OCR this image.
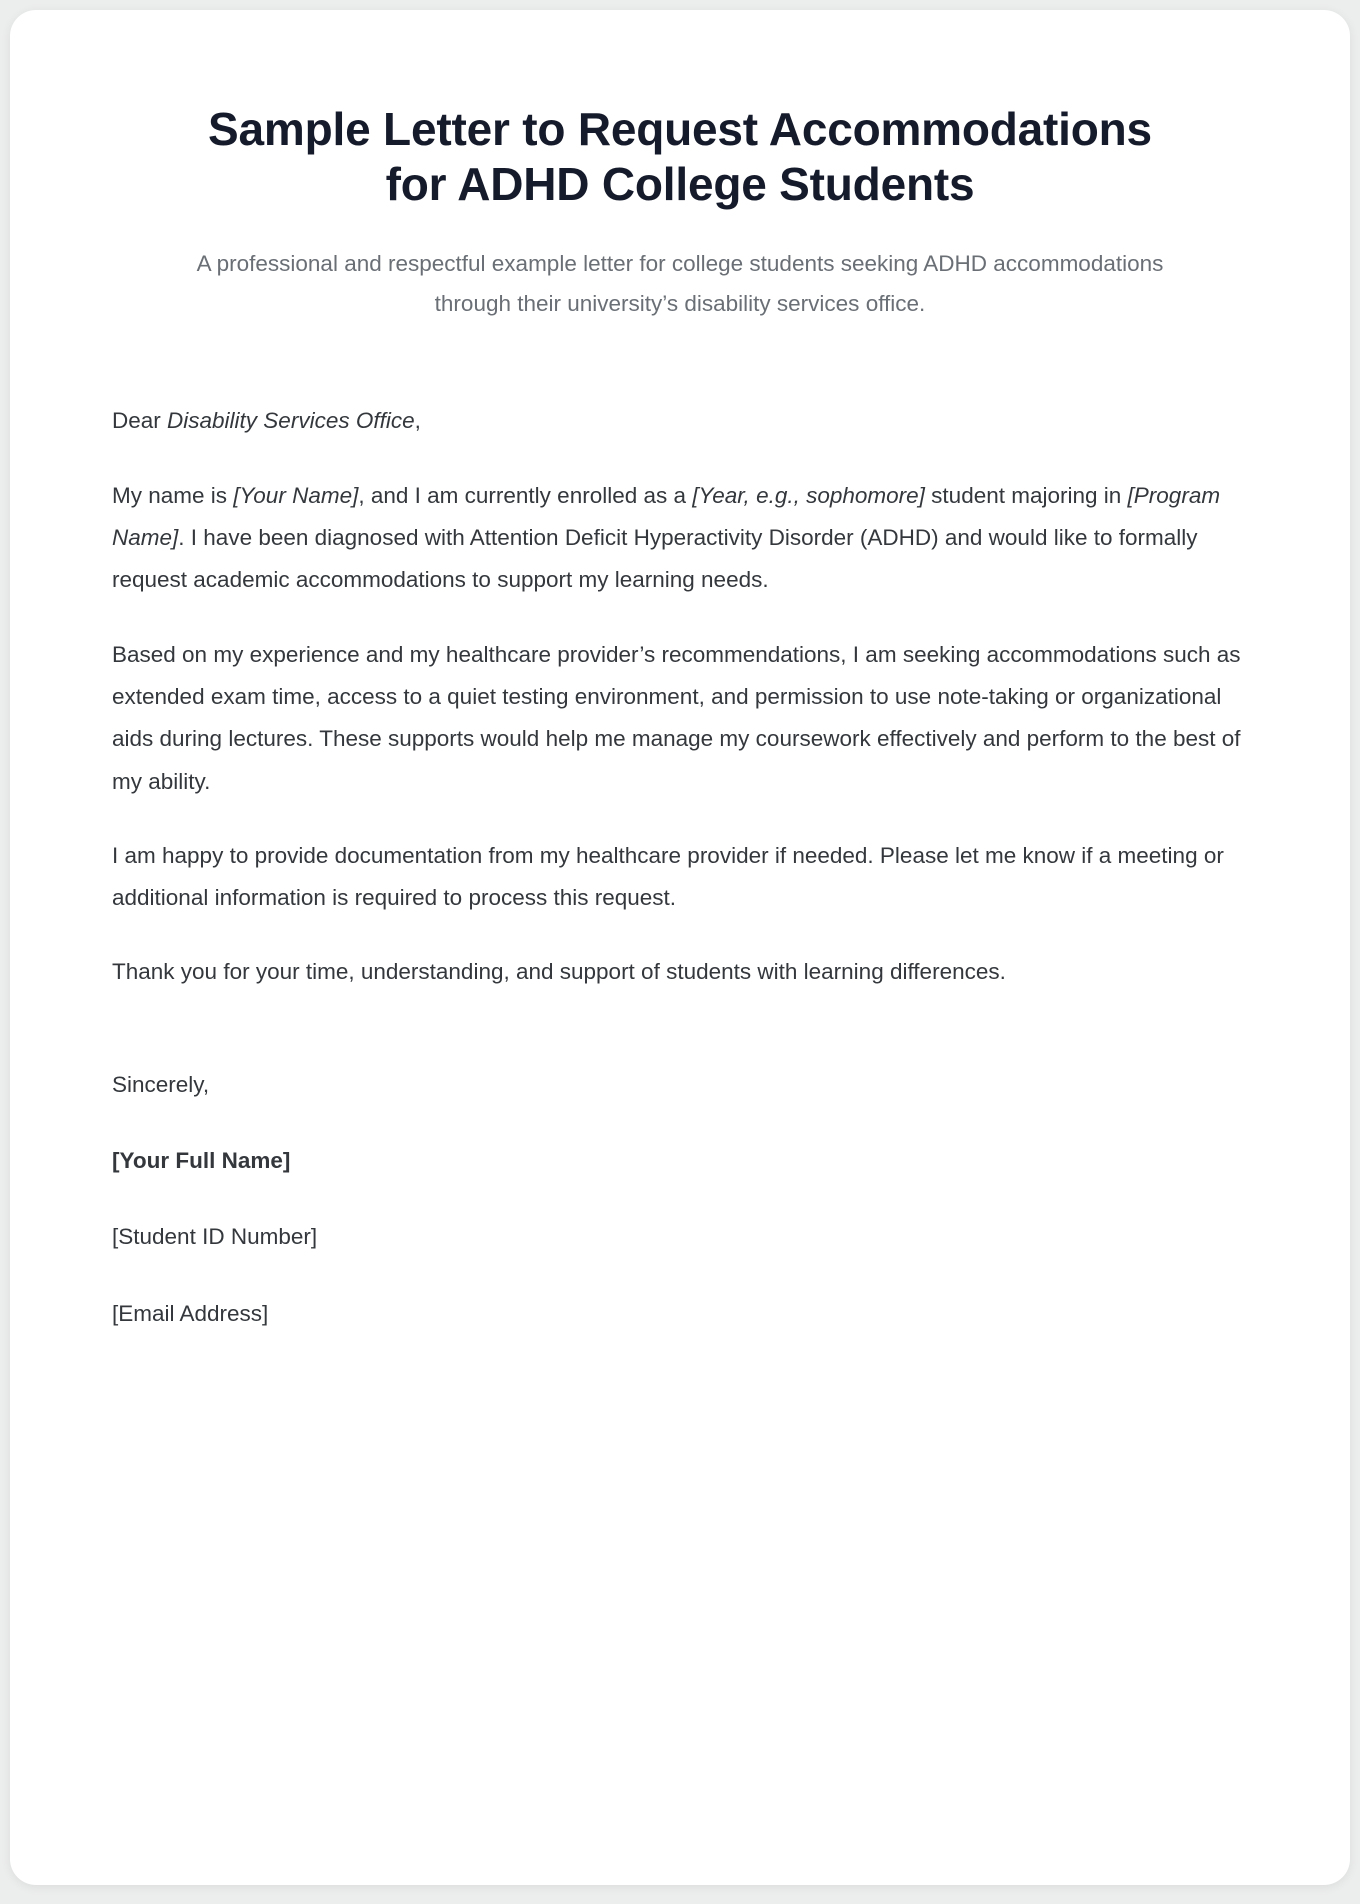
Sample Letter to Request Accommodations for ADHD College Students

A professional and respectful example letter for college students seeking ADHD accommodations through their university’s disability services office.

Dear Disability Services Office,

My name is [Your Name], and I am currently enrolled as a [Year, e.g., sophomore] student majoring in [Program Name]. I have been diagnosed with Attention Deficit Hyperactivity Disorder (ADHD) and would like to formally request academic accommodations to support my learning needs.

Based on my experience and my healthcare provider’s recommendations, I am seeking accommodations such as extended exam time, access to a quiet testing environment, and permission to use note-taking or organizational aids during lectures. These supports would help me manage my coursework effectively and perform to the best of my ability.

I am happy to provide documentation from my healthcare provider if needed. Please let me know if a meeting or additional information is required to process this request.

Thank you for your time, understanding, and support of students with learning differences.

Sincerely,

[Your Full Name]

[Student ID Number]

[Email Address]
